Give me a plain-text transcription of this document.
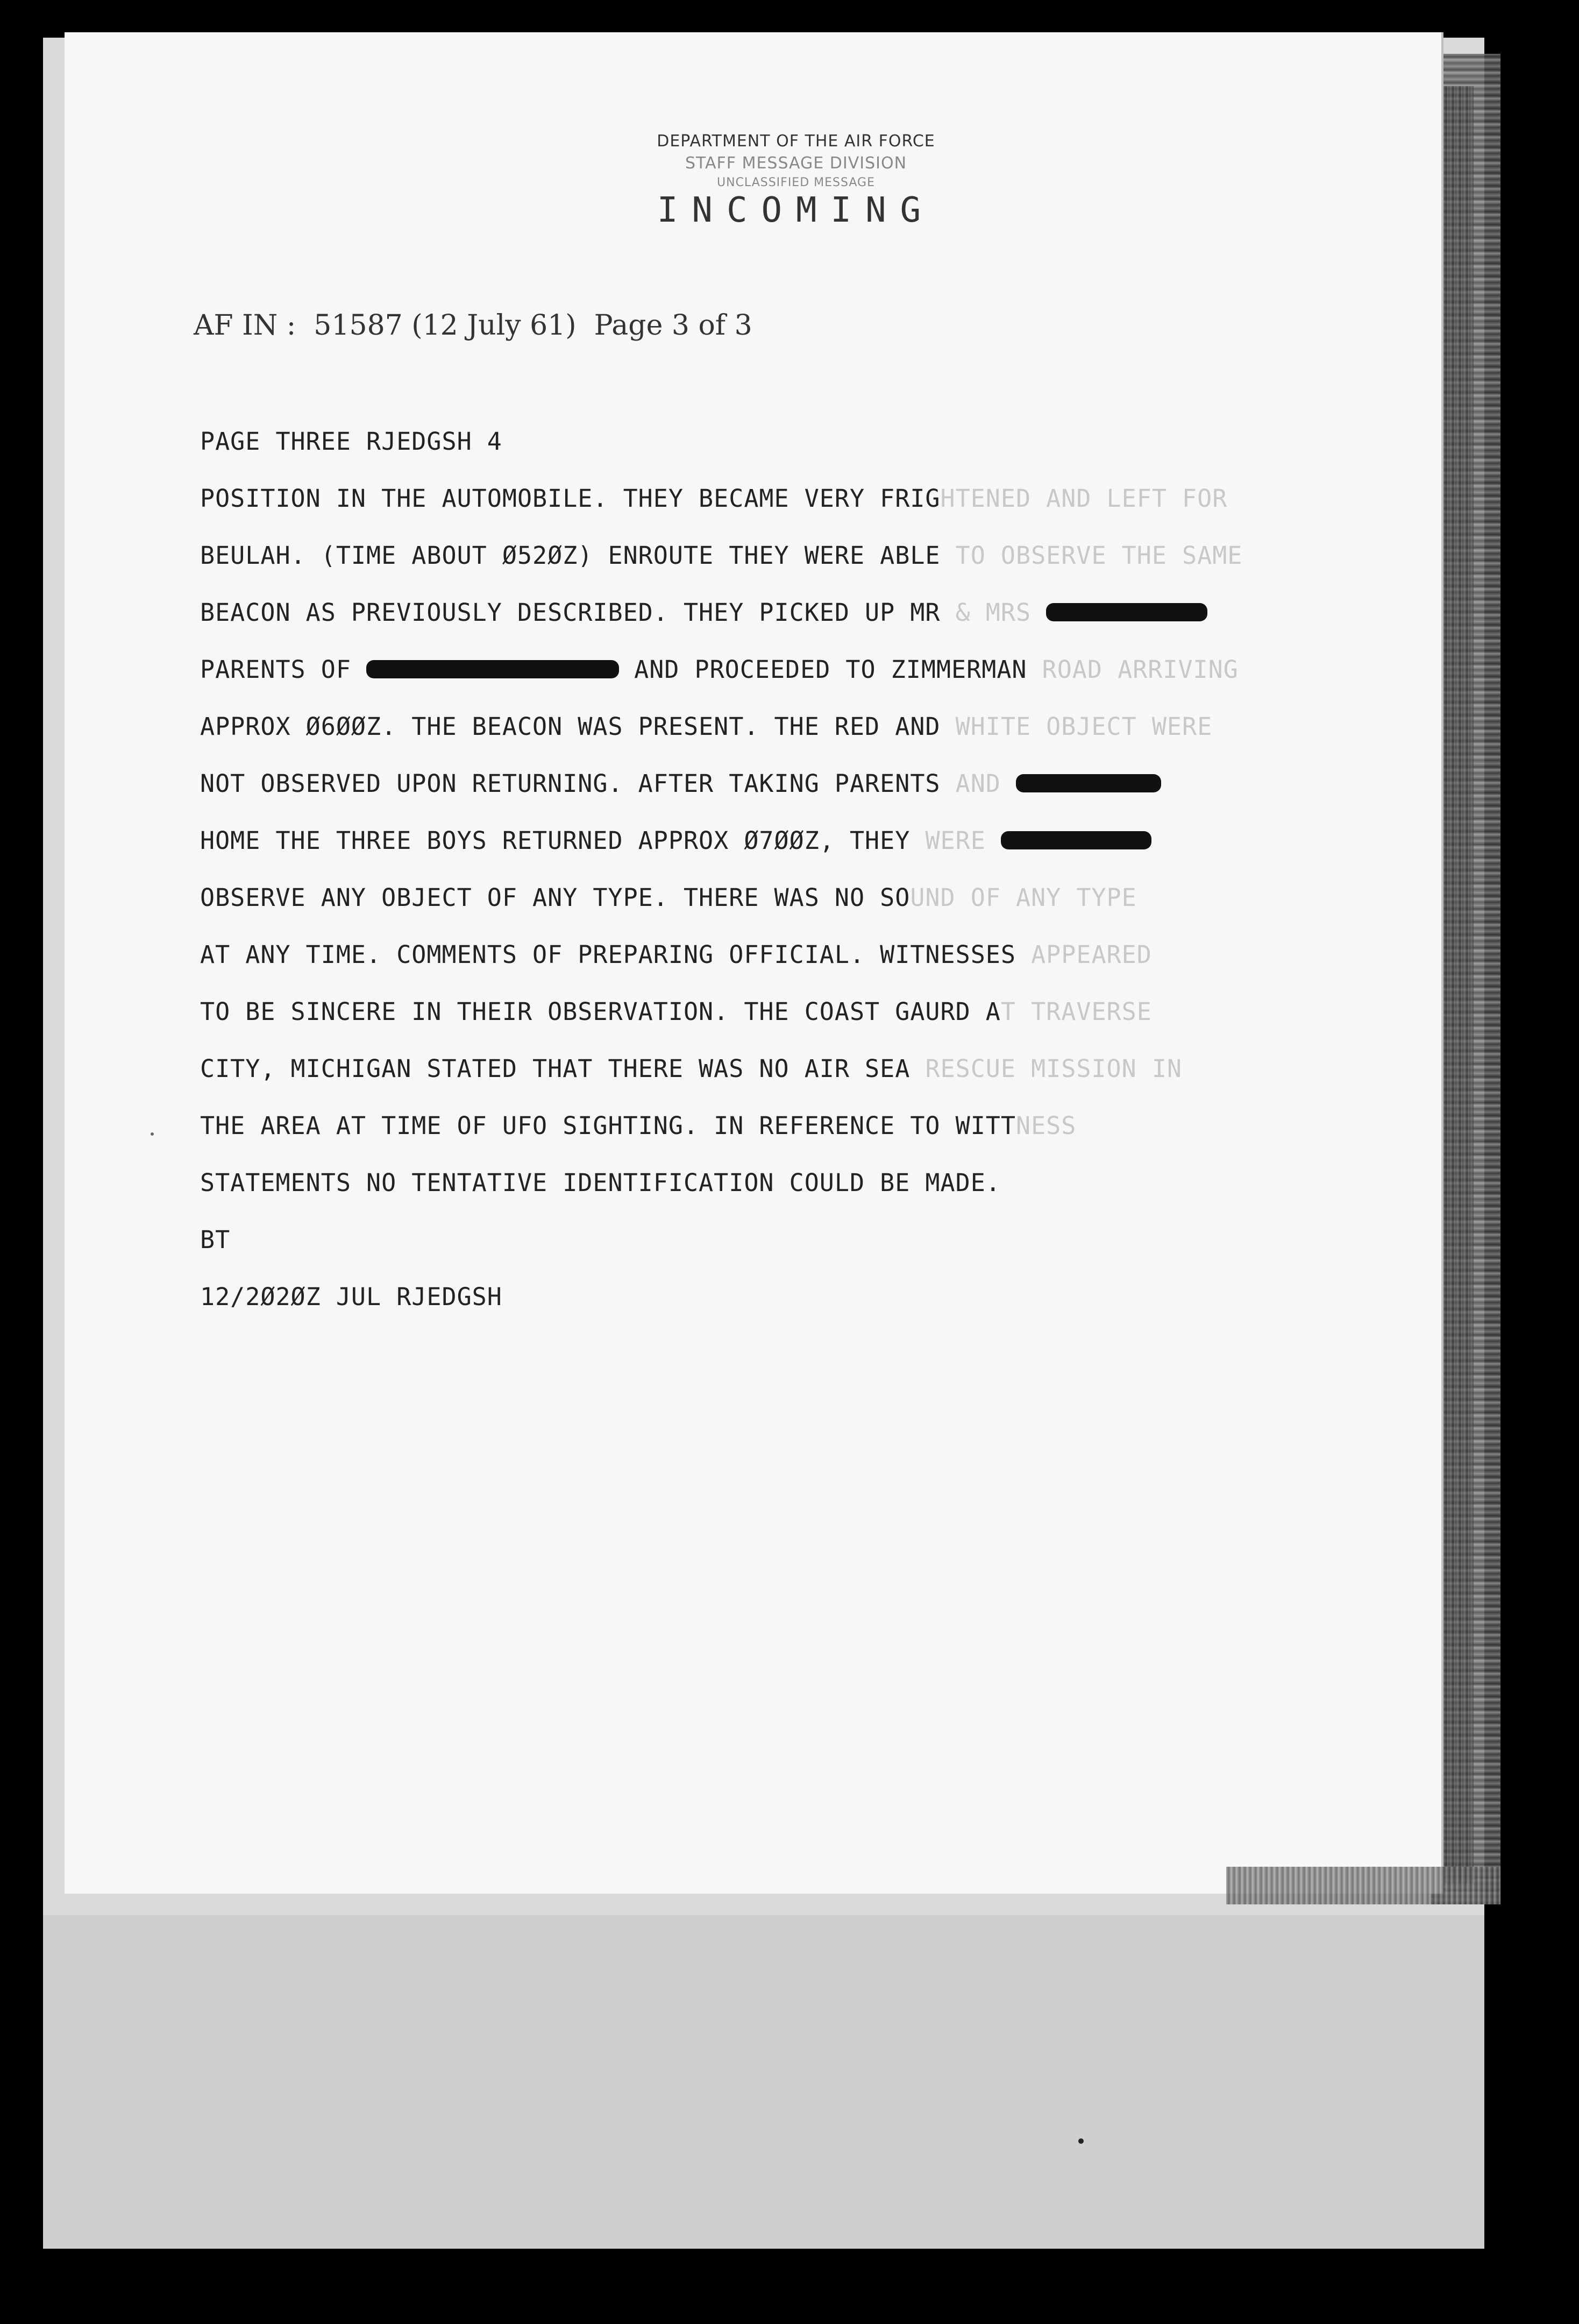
DEPARTMENT OF THE AIR FORCE
STAFF MESSAGE DIVISION
UNCLASSIFIED MESSAGE
INCOMING
AF IN :  51587 (12 July 61)  Page 3 of 3
PAGE THREE RJEDGSH 4
POSITION IN THE AUTOMOBILE. THEY BECAME VERY FRIGHTENED AND LEFT FOR
BEULAH. (TIME ABOUT Ø52ØZ) ENROUTE THEY WERE ABLE TO OBSERVE THE SAME
BEACON AS PREVIOUSLY DESCRIBED. THEY PICKED UP MR & MRS
PARENTS OF	AND PROCEEDED TO ZIMMERMAN ROAD ARRIVING
APPROX Ø6ØØZ. THE BEACON WAS PRESENT. THE RED AND WHITE OBJECT WERE
NOT OBSERVED UPON RETURNING. AFTER TAKING PARENTS AND
HOME THE THREE BOYS RETURNED APPROX Ø7ØØZ, THEY WERE
OBSERVE ANY OBJECT OF ANY TYPE. THERE WAS NO SOUND OF ANY TYPE
AT ANY TIME. COMMENTS OF PREPARING OFFICIAL. WITNESSES APPEARED
TO BE SINCERE IN THEIR OBSERVATION. THE COAST GAURD AT TRAVERSE
CITY, MICHIGAN STATED THAT THERE WAS NO AIR SEA RESCUE MISSION IN
THE AREA AT TIME OF UFO SIGHTING. IN REFERENCE TO WITTNESS
STATEMENTS NO TENTATIVE IDENTIFICATION COULD BE MADE.
BT
12/2Ø2ØZ JUL RJEDGSH
